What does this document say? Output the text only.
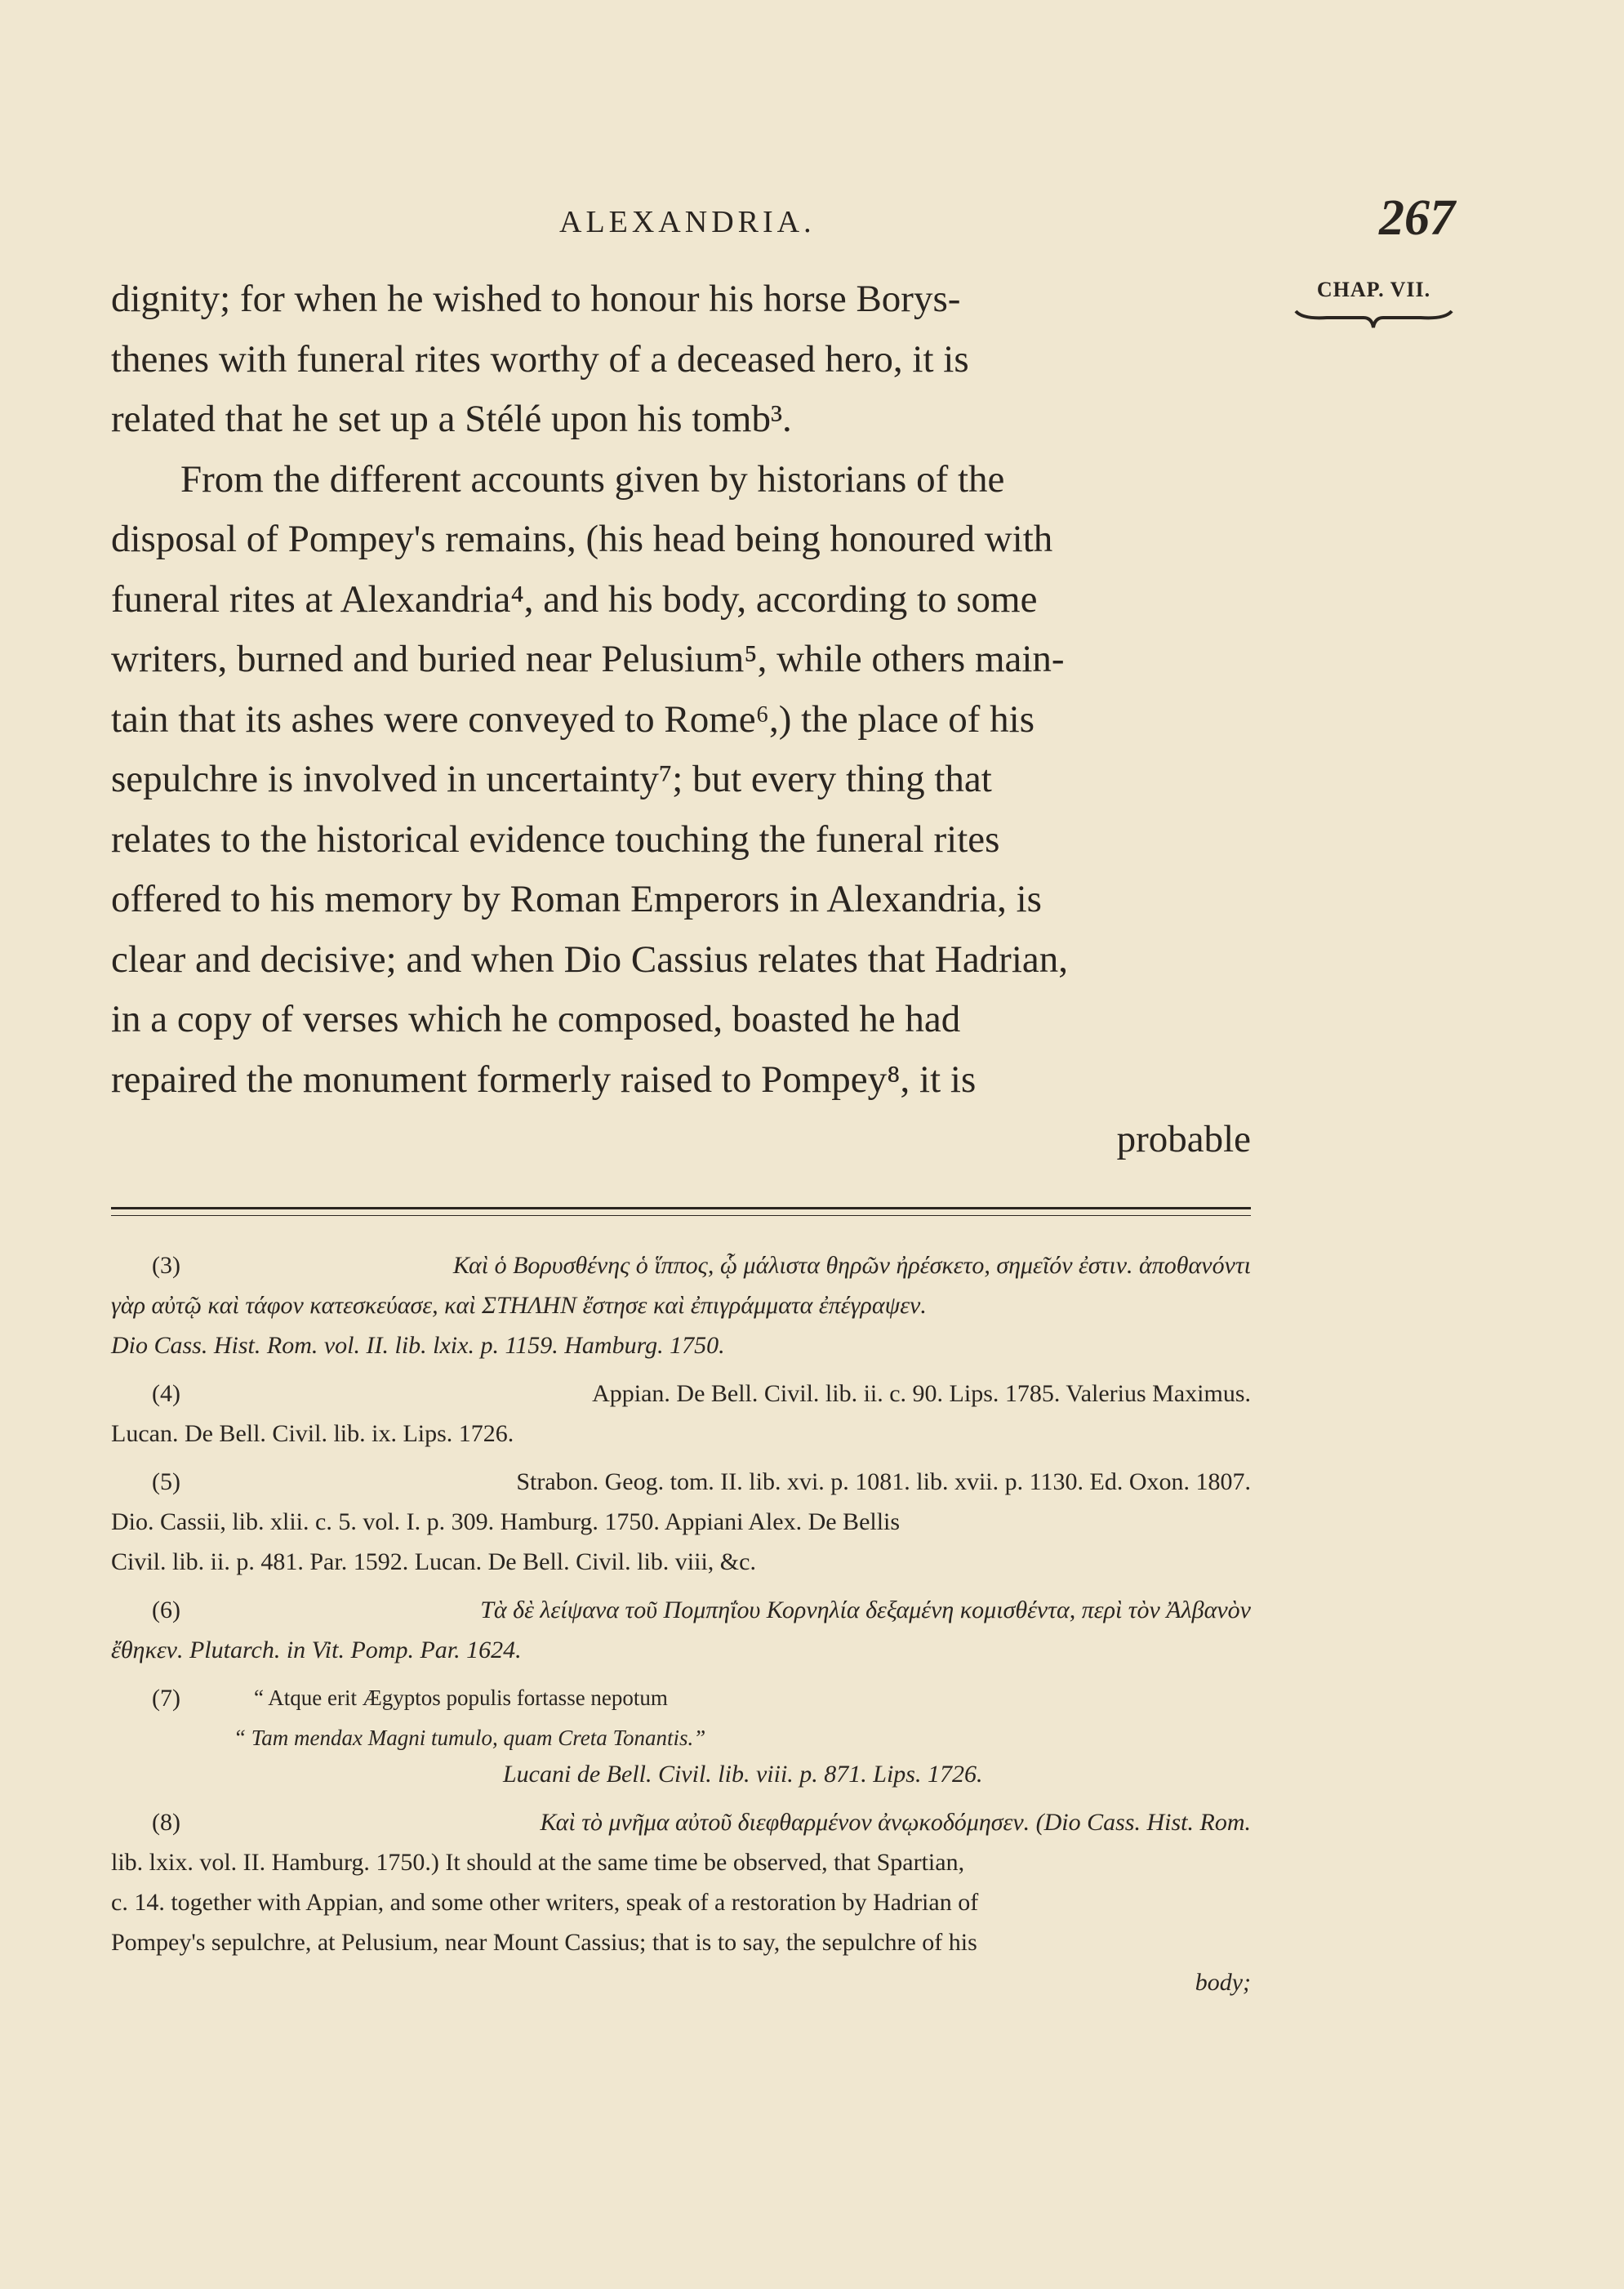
ALEXANDRIA.	267
CHAP. VII.
dignity; for when he wished to honour his horse Borys-
thenes with funeral rites worthy of a deceased hero, it is
related that he set up a Stélé upon his tomb³.
From the different accounts given by historians of the
disposal of Pompey's remains, (his head being honoured with
funeral rites at Alexandria⁴, and his body, according to some
writers, burned and buried near Pelusium⁵, while others main-
tain that its ashes were conveyed to Rome⁶,) the place of his
sepulchre is involved in uncertainty⁷; but every thing that
relates to the historical evidence touching the funeral rites
offered to his memory by Roman Emperors in Alexandria, is
clear and decisive; and when Dio Cassius relates that Hadrian,
in a copy of verses which he composed, boasted he had
repaired the monument formerly raised to Pompey⁸, it is
probable
(3)	Καὶ ὁ Βορυσθένης ὁ ἵππος, ᾧ μάλιστα θηρῶν ἠρέσκετο, σημεῖόν ἐστιν. ἀποθανόντι
γὰρ αὐτῷ καὶ τάφον κατεσκεύασε, καὶ ΣΤΗΛΗΝ ἔστησε καὶ ἐπιγράμματα ἐπέγραψεν.
Dio Cass. Hist. Rom. vol. II. lib. lxix. p. 1159. Hamburg. 1750.
(4)	Appian. De Bell. Civil. lib. ii. c. 90. Lips. 1785. Valerius Maximus.
Lucan. De Bell. Civil. lib. ix. Lips. 1726.
(5)	Strabon. Geog. tom. II. lib. xvi. p. 1081. lib. xvii. p. 1130. Ed. Oxon. 1807.
Dio. Cassii, lib. xlii. c. 5. vol. I. p. 309. Hamburg. 1750. Appiani Alex. De Bellis
Civil. lib. ii. p. 481. Par. 1592. Lucan. De Bell. Civil. lib. viii, &c.
(6)	Τὰ δὲ λείψανα τοῦ Πομπηΐου Κορνηλία δεξαμένη κομισθέντα, περὶ τὸν Ἀλβανὸν
ἔθηκεν. Plutarch. in Vit. Pomp. Par. 1624.
(7)	“ Atque erit Ægyptos populis fortasse nepotum
“ Tam mendax Magni tumulo, quam Creta Tonantis.”
Lucani de Bell. Civil. lib. viii. p. 871. Lips. 1726.
(8)	Καὶ τὸ μνῆμα αὐτοῦ διεφθαρμένον ἀνῳκοδόμησεν. (Dio Cass. Hist. Rom.
lib. lxix. vol. II. Hamburg. 1750.) It should at the same time be observed, that Spartian,
c. 14. together with Appian, and some other writers, speak of a restoration by Hadrian of
Pompey's sepulchre, at Pelusium, near Mount Cassius; that is to say, the sepulchre of his
body;
